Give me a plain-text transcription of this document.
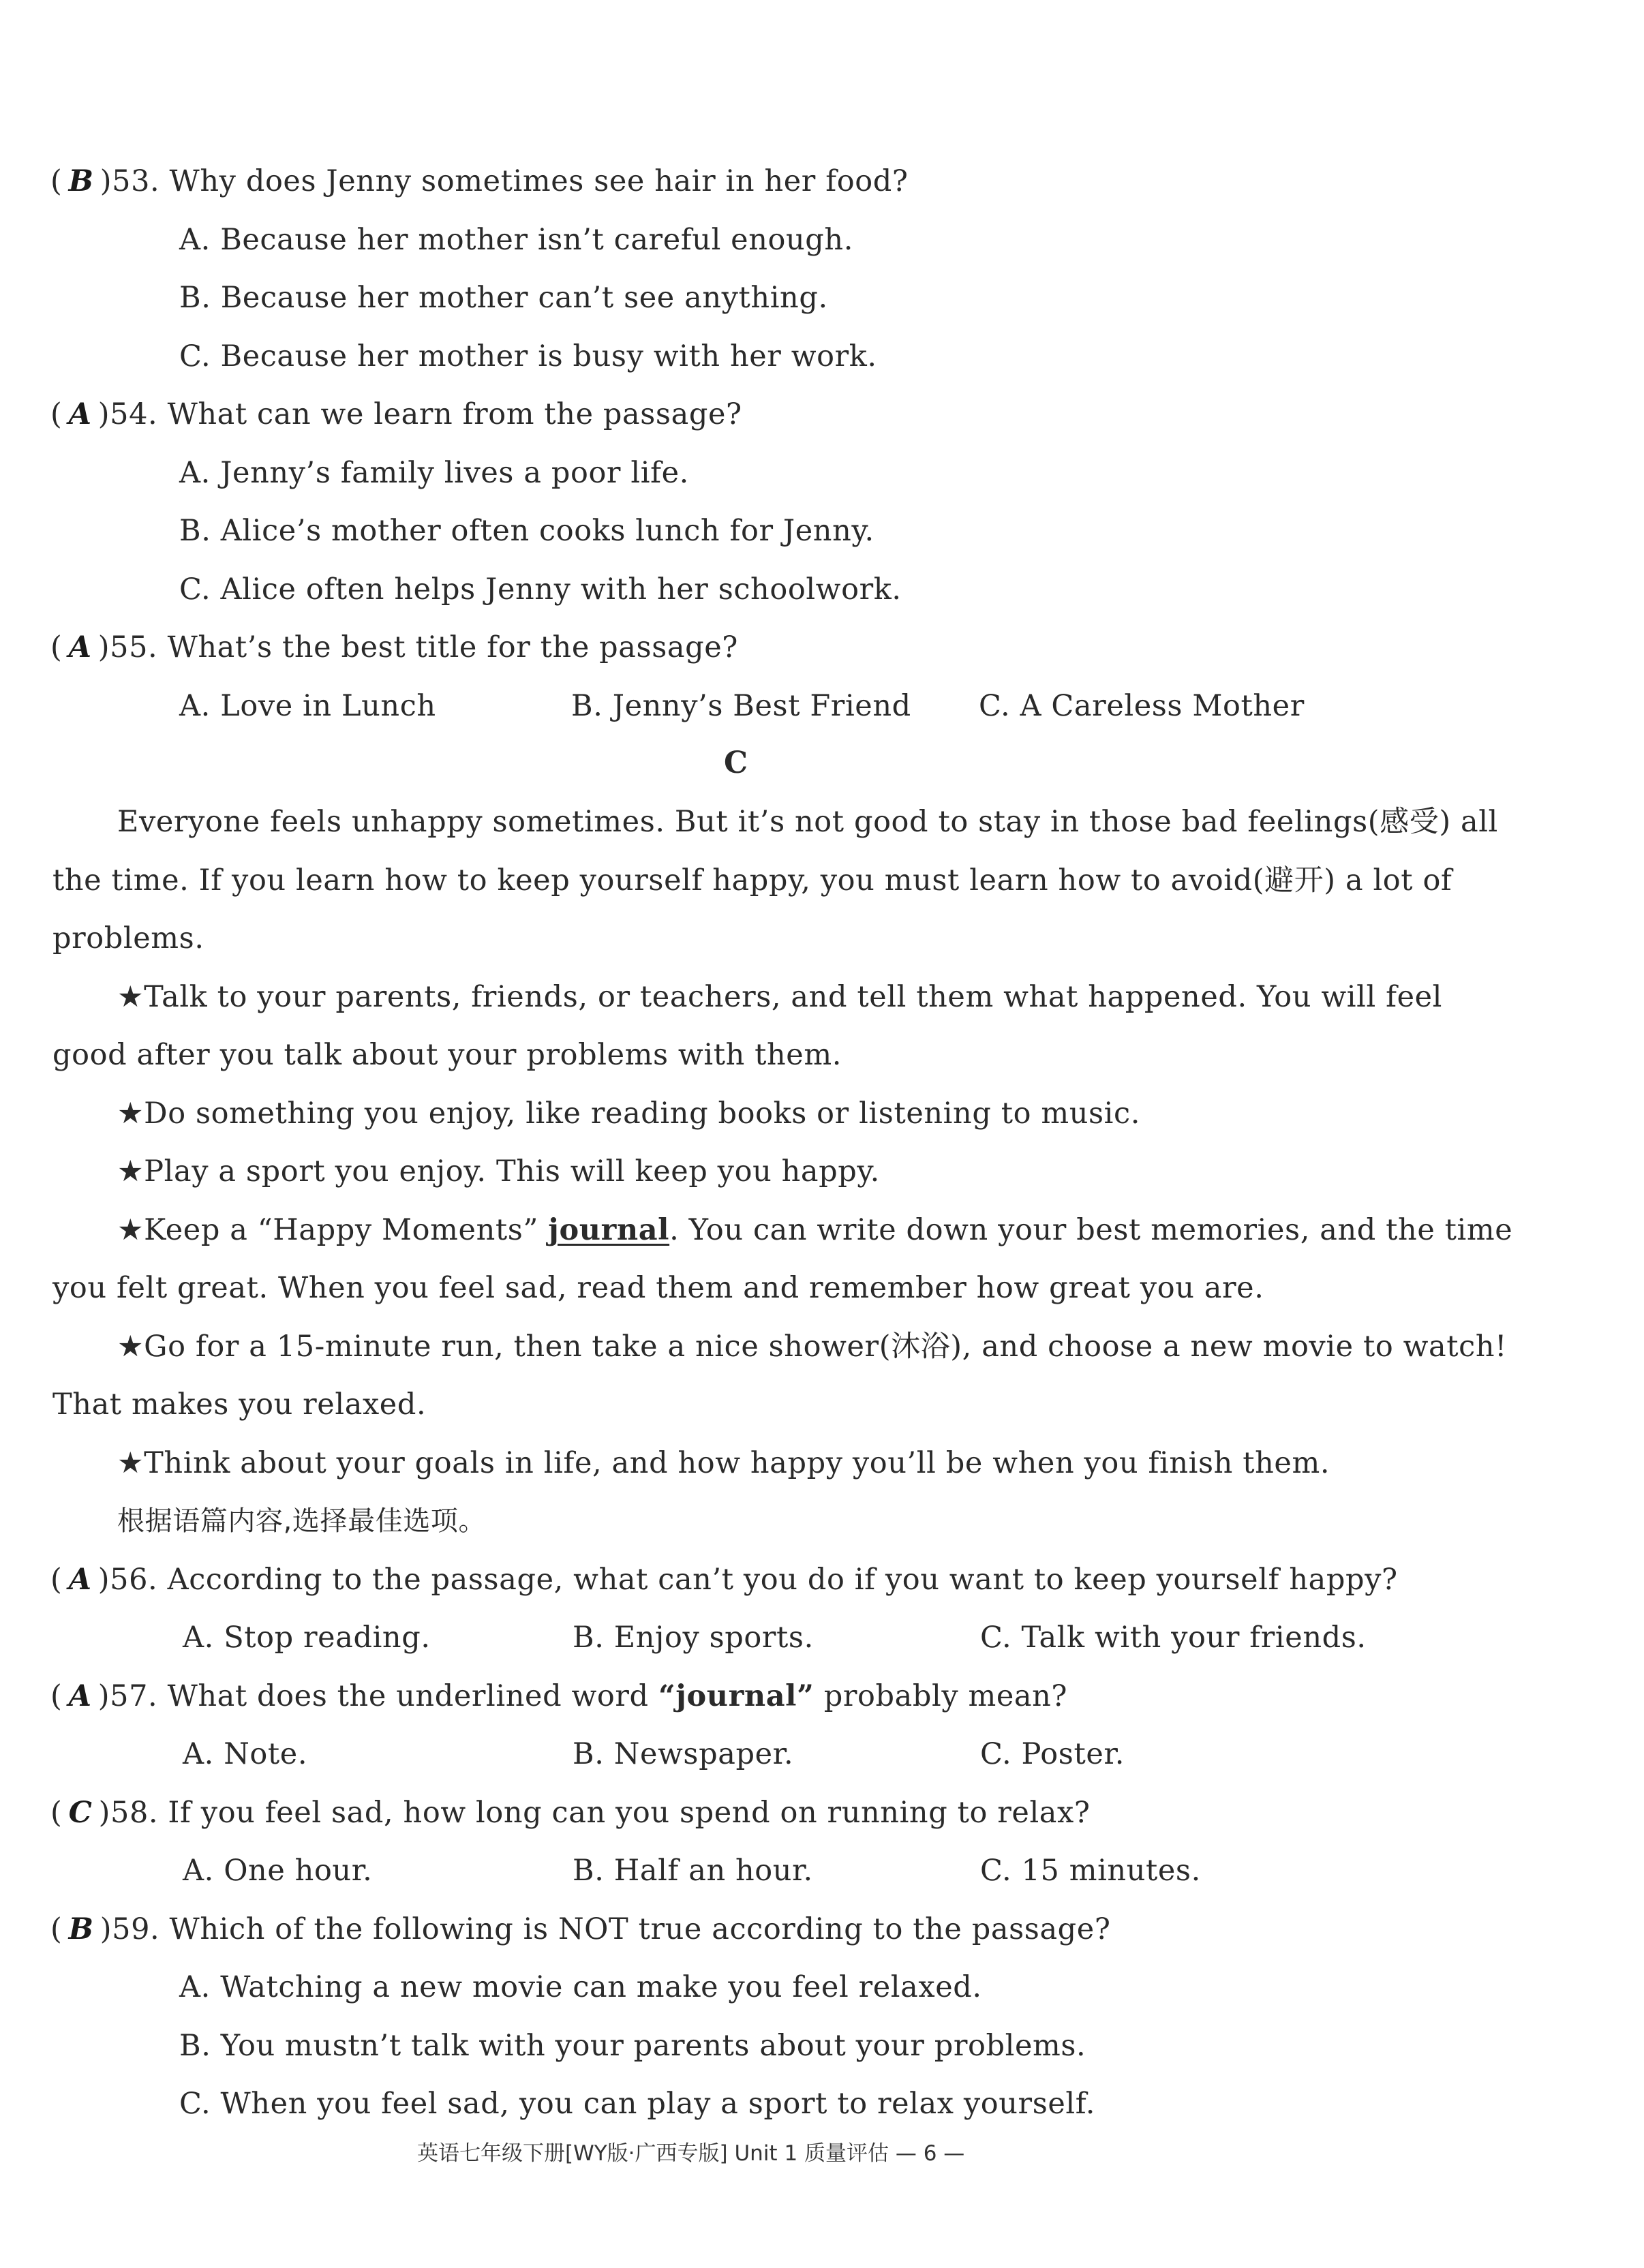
( B )53. Why does Jenny sometimes see hair in her food?
A. Because her mother isn’t careful enough.
B. Because her mother can’t see anything.
C. Because her mother is busy with her work.
( A )54. What can we learn from the passage?
A. Jenny’s family lives a poor life.
B. Alice’s mother often cooks lunch for Jenny.
C. Alice often helps Jenny with her schoolwork.
( A )55. What’s the best title for the passage?
A. Love in Lunch	B. Jenny’s Best Friend C. A Careless Mother
C
Everyone feels unhappy sometimes. But it’s not good to stay in those bad feelings(感受) all
the time. If you learn how to keep yourself happy, you must learn how to avoid(避开) a lot of
problems.
★Talk to your parents, friends, or teachers, and tell them what happened. You will feel
good after you talk about your problems with them.
★Do something you enjoy, like reading books or listening to music.
★Play a sport you enjoy. This will keep you happy.
★Keep a “Happy Moments” journal. You can write down your best memories, and the time
you felt great. When you feel sad, read them and remember how great you are.
★Go for a 15-minute run, then take a nice shower(沐浴), and choose a new movie to watch!
That makes you relaxed.
★Think about your goals in life, and how happy you’ll be when you finish them.
根据语篇内容,选择最佳选项。
( A )56. According to the passage, what can’t you do if you want to keep yourself happy?
A. Stop reading.	B. Enjoy sports.	C. Talk with your friends.
( A )57. What does the underlined word “journal” probably mean?
A. Note.	B. Newspaper.	C. Poster.
( C )58. If you feel sad, how long can you spend on running to relax?
A. One hour.	B. Half an hour.	C. 15 minutes.
( B )59. Which of the following is NOT true according to the passage?
A. Watching a new movie can make you feel relaxed.
B. You mustn’t talk with your parents about your problems.
C. When you feel sad, you can play a sport to relax yourself.
英语七年级下册[WY版·广西专版] Unit 1 质量评估 — 6 —
